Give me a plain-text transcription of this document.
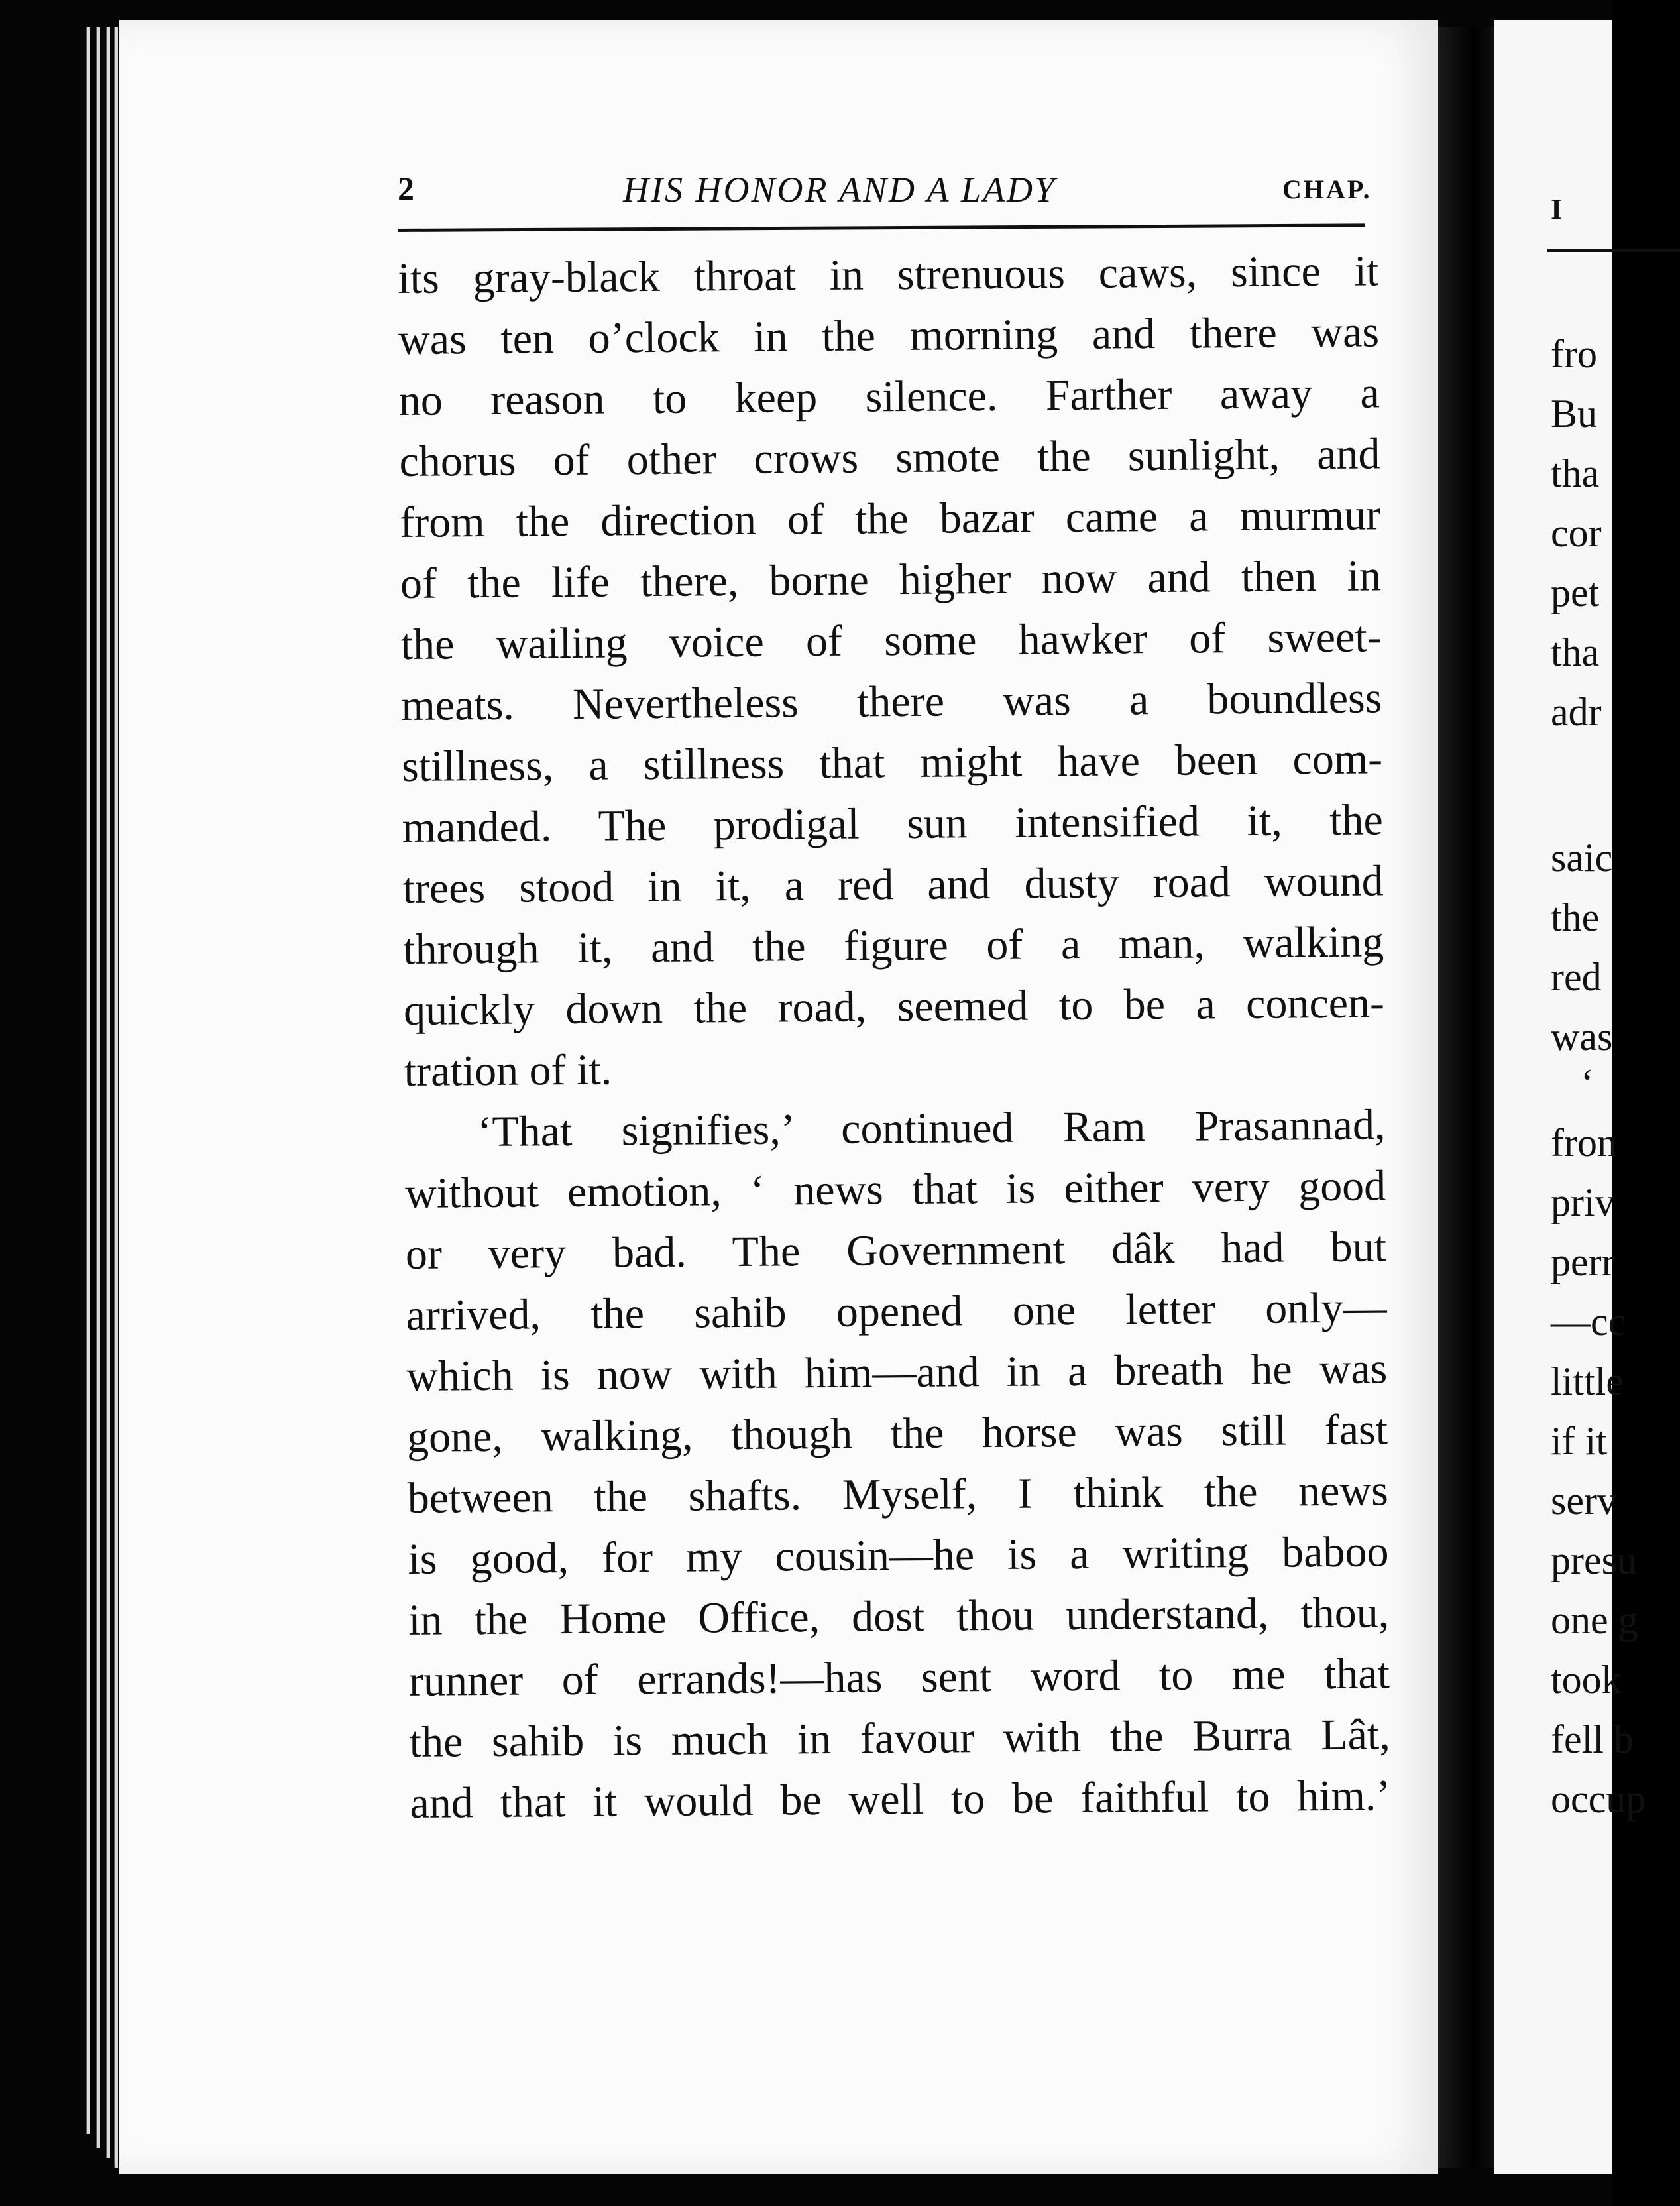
2	HIS HONOR AND A LADY	CHAP.
its gray-black throat in strenuous caws, since it
was ten o’clock in the morning and there was
no reason to keep silence. Farther away a
chorus of other crows smote the sunlight, and
from the direction of the bazar came a murmur
of the life there, borne higher now and then in
the wailing voice of some hawker of sweet-
meats. Nevertheless there was a boundless
stillness, a stillness that might have been com-
manded. The prodigal sun intensified it, the
trees stood in it, a red and dusty road wound
through it, and the figure of a man, walking
quickly down the road, seemed to be a concen-
tration of it.
‘That signifies,’ continued Ram Prasannad,
without emotion, ‘ news that is either very good
or very bad. The Government dâk had but
arrived, the sahib opened one letter only—
which is now with him—and in a breath he was
gone, walking, though the horse was still fast
between the shafts. Myself, I think the news
is good, for my cousin—he is a writing baboo
in the Home Office, dost thou understand, thou,
runner of errands!—has sent word to me that
the sahib is much in favour with the Burra Lât,
and that it would be well to be faithful to him.’
I
fro
Bu
tha
cor
pet
tha
adr
saic
the
red
was
‘
fron
priv
perr
—cc
little
if it
serv
presu
one g
took
fell b
occup
